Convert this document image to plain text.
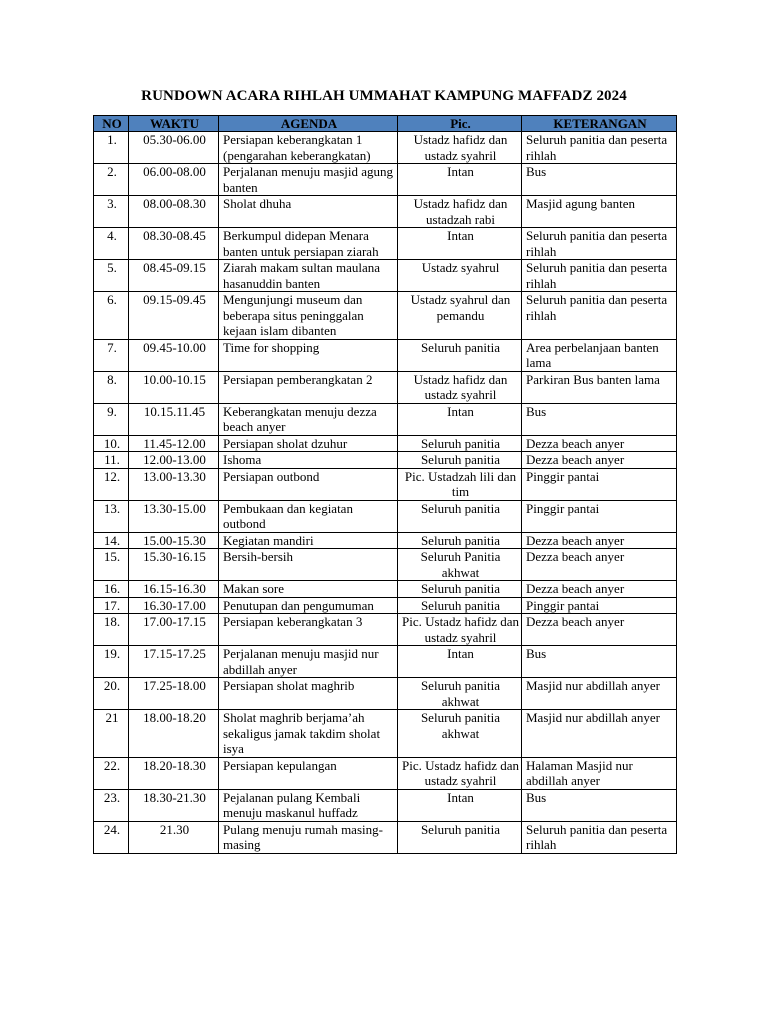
RUNDOWN ACARA RIHLAH UMMAHAT KAMPUNG MAFFADZ 2024
NO	WAKTU	AGENDA	Pic.	KETERANGAN
1.	05.30-06.00	Persiapan keberangkatan 1 (pengarahan keberangkatan)	Ustadz hafidz dan ustadz syahril	Seluruh panitia dan peserta rihlah
2.	06.00-08.00	Perjalanan menuju masjid agung banten	Intan	Bus
3.	08.00-08.30	Sholat dhuha	Ustadz hafidz dan ustadzah rabi	Masjid agung banten
4.	08.30-08.45	Berkumpul didepan Menara banten untuk persiapan ziarah	Intan	Seluruh panitia dan peserta rihlah
5.	08.45-09.15	Ziarah makam sultan maulana hasanuddin banten	Ustadz syahrul	Seluruh panitia dan peserta rihlah
6.	09.15-09.45	Mengunjungi museum dan beberapa situs peninggalan kejaan islam dibanten	Ustadz syahrul dan pemandu	Seluruh panitia dan peserta rihlah
7.	09.45-10.00	Time for shopping	Seluruh panitia	Area perbelanjaan banten lama
8.	10.00-10.15	Persiapan pemberangkatan 2	Ustadz hafidz dan ustadz syahril	Parkiran Bus banten lama
9.	10.15.11.45	Keberangkatan menuju dezza beach anyer	Intan	Bus
10.	11.45-12.00	Persiapan sholat dzuhur	Seluruh panitia	Dezza beach anyer
11.	12.00-13.00	Ishoma	Seluruh panitia	Dezza beach anyer
12.	13.00-13.30	Persiapan outbond	Pic. Ustadzah lili dan tim	Pinggir pantai
13.	13.30-15.00	Pembukaan dan kegiatan outbond	Seluruh panitia	Pinggir pantai
14.	15.00-15.30	Kegiatan mandiri	Seluruh panitia	Dezza beach anyer
15.	15.30-16.15	Bersih-bersih	Seluruh Panitia akhwat	Dezza beach anyer
16.	16.15-16.30	Makan sore	Seluruh panitia	Dezza beach anyer
17.	16.30-17.00	Penutupan dan pengumuman	Seluruh panitia	Pinggir pantai
18.	17.00-17.15	Persiapan keberangkatan 3	Pic. Ustadz hafidz dan ustadz syahril	Dezza beach anyer
19.	17.15-17.25	Perjalanan menuju masjid nur abdillah anyer	Intan	Bus
20.	17.25-18.00	Persiapan sholat maghrib	Seluruh panitia akhwat	Masjid nur abdillah anyer
21	18.00-18.20	Sholat maghrib berjama’ah sekaligus jamak takdim sholat isya	Seluruh panitia akhwat	Masjid nur abdillah anyer
22.	18.20-18.30	Persiapan kepulangan	Pic. Ustadz hafidz dan ustadz syahril	Halaman Masjid nur abdillah anyer
23.	18.30-21.30	Pejalanan pulang Kembali menuju maskanul huffadz	Intan	Bus
24.	21.30	Pulang menuju rumah masing-masing	Seluruh panitia	Seluruh panitia dan peserta rihlah
